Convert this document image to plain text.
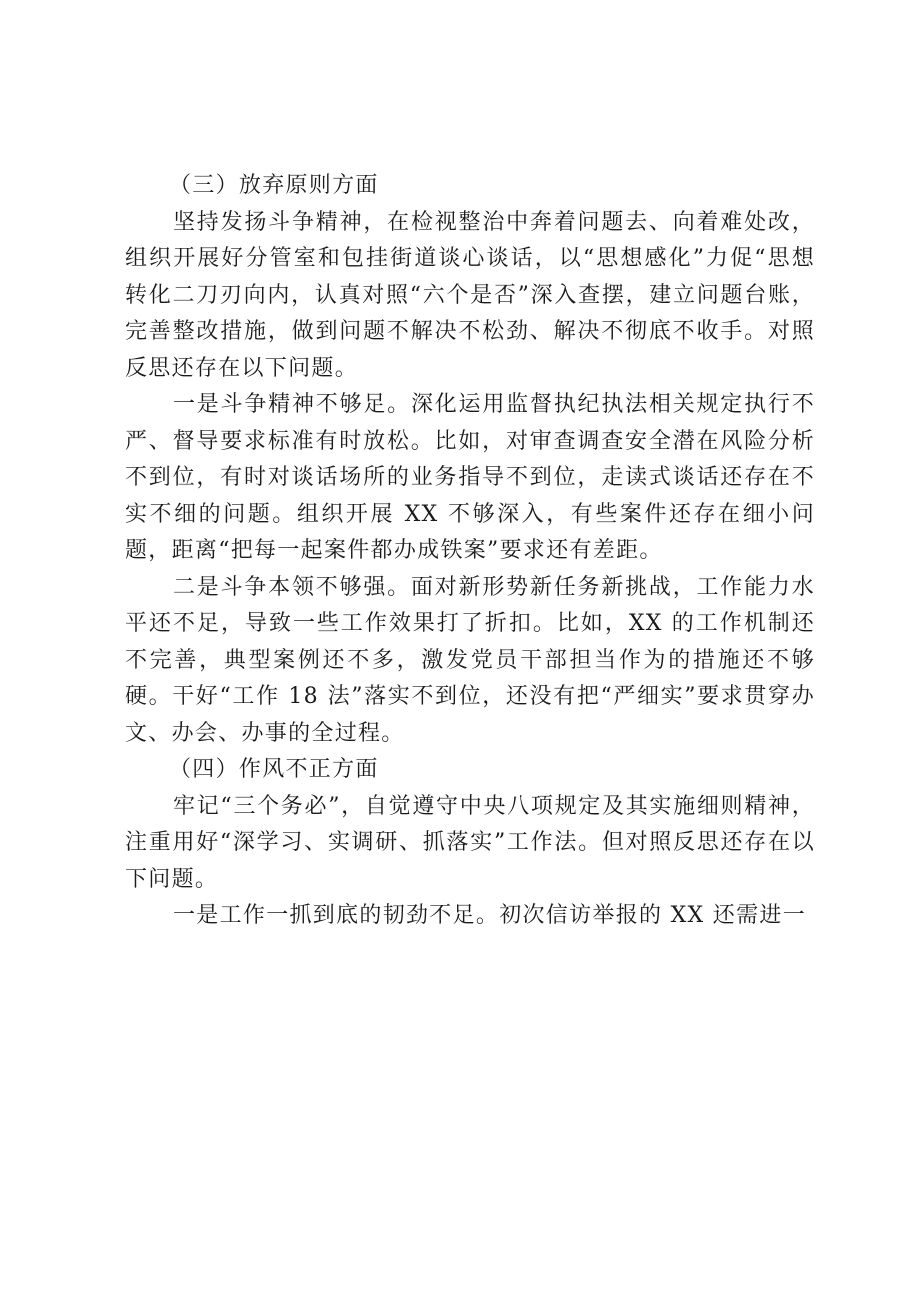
（三）放弃原则方面

坚持发扬斗争精神，在检视整治中奔着问题去、向着难处改，组织开展好分管室和包挂街道谈心谈话，以“思想感化”力促“思想转化二刀刃向内，认真对照“六个是否”深入查摆，建立问题台账，完善整改措施，做到问题不解决不松劲、解决不彻底不收手。对照反思还存在以下问题。

一是斗争精神不够足。深化运用监督执纪执法相关规定执行不严、督导要求标准有时放松。比如，对审查调查安全潜在风险分析不到位，有时对谈话场所的业务指导不到位，走读式谈话还存在不实不细的问题。组织开展 XX 不够深入，有些案件还存在细小问题，距离“把每一起案件都办成铁案”要求还有差距。

二是斗争本领不够强。面对新形势新任务新挑战，工作能力水平还不足，导致一些工作效果打了折扣。比如，XX 的工作机制还不完善，典型案例还不多，激发党员干部担当作为的措施还不够硬。干好“工作 18 法”落实不到位，还没有把“严细实”要求贯穿办文、办会、办事的全过程。

（四）作风不正方面

牢记“三个务必”，自觉遵守中央八项规定及其实施细则精神，注重用好“深学习、实调研、抓落实”工作法。但对照反思还存在以下问题。

一是工作一抓到底的韧劲不足。初次信访举报的 XX 还需进一
